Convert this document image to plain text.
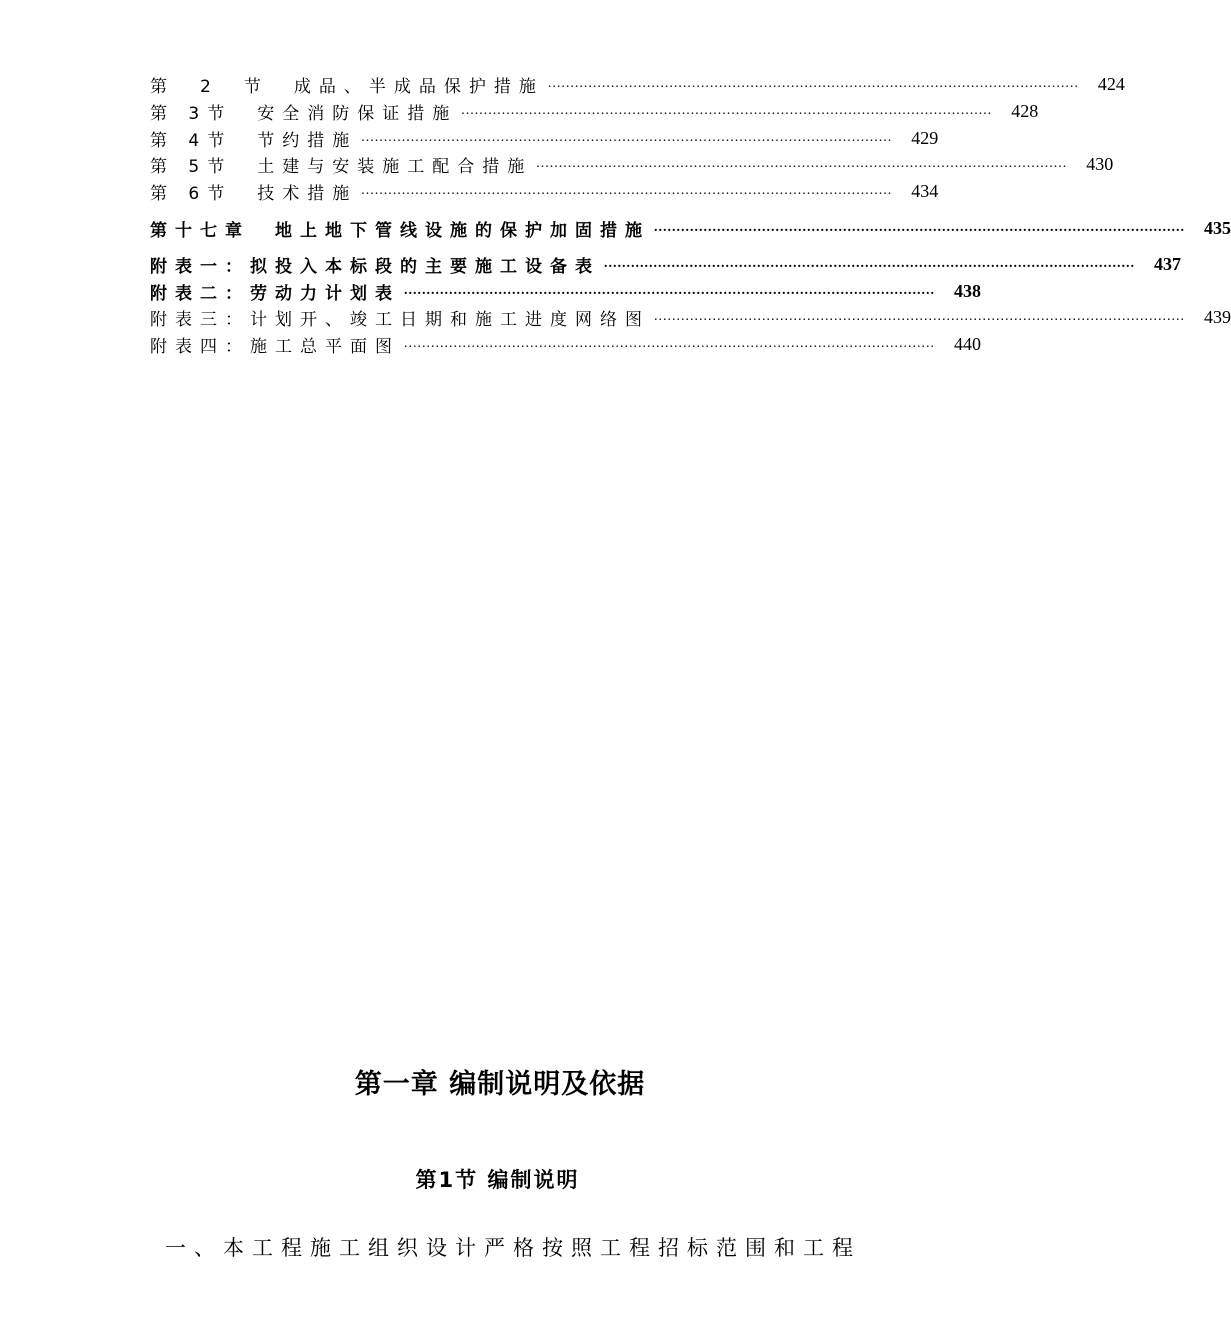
第　2　节　成品、半成品保护措施 ......................................................................................................................	424
第 3节　安全消防保证措施 ......................................................................................................................	428
第 4节　节约措施 ......................................................................................................................	429
第 5节　土建与安装施工配合措施 ......................................................................................................................	430
第 6节　技术措施 ......................................................................................................................	434
第十七章　地上地下管线设施的保护加固措施 ......................................................................................................................	435
附表一：拟投入本标段的主要施工设备表 ......................................................................................................................	437
附表二：劳动力计划表 ......................................................................................................................	438
附表三：计划开、竣工日期和施工进度网络图 ......................................................................................................................	439
附表四：施工总平面图 ......................................................................................................................	440
第一章 编制说明及依据
第1节 编制说明
一、本工程施工组织设计严格按照工程招标范围和工程
